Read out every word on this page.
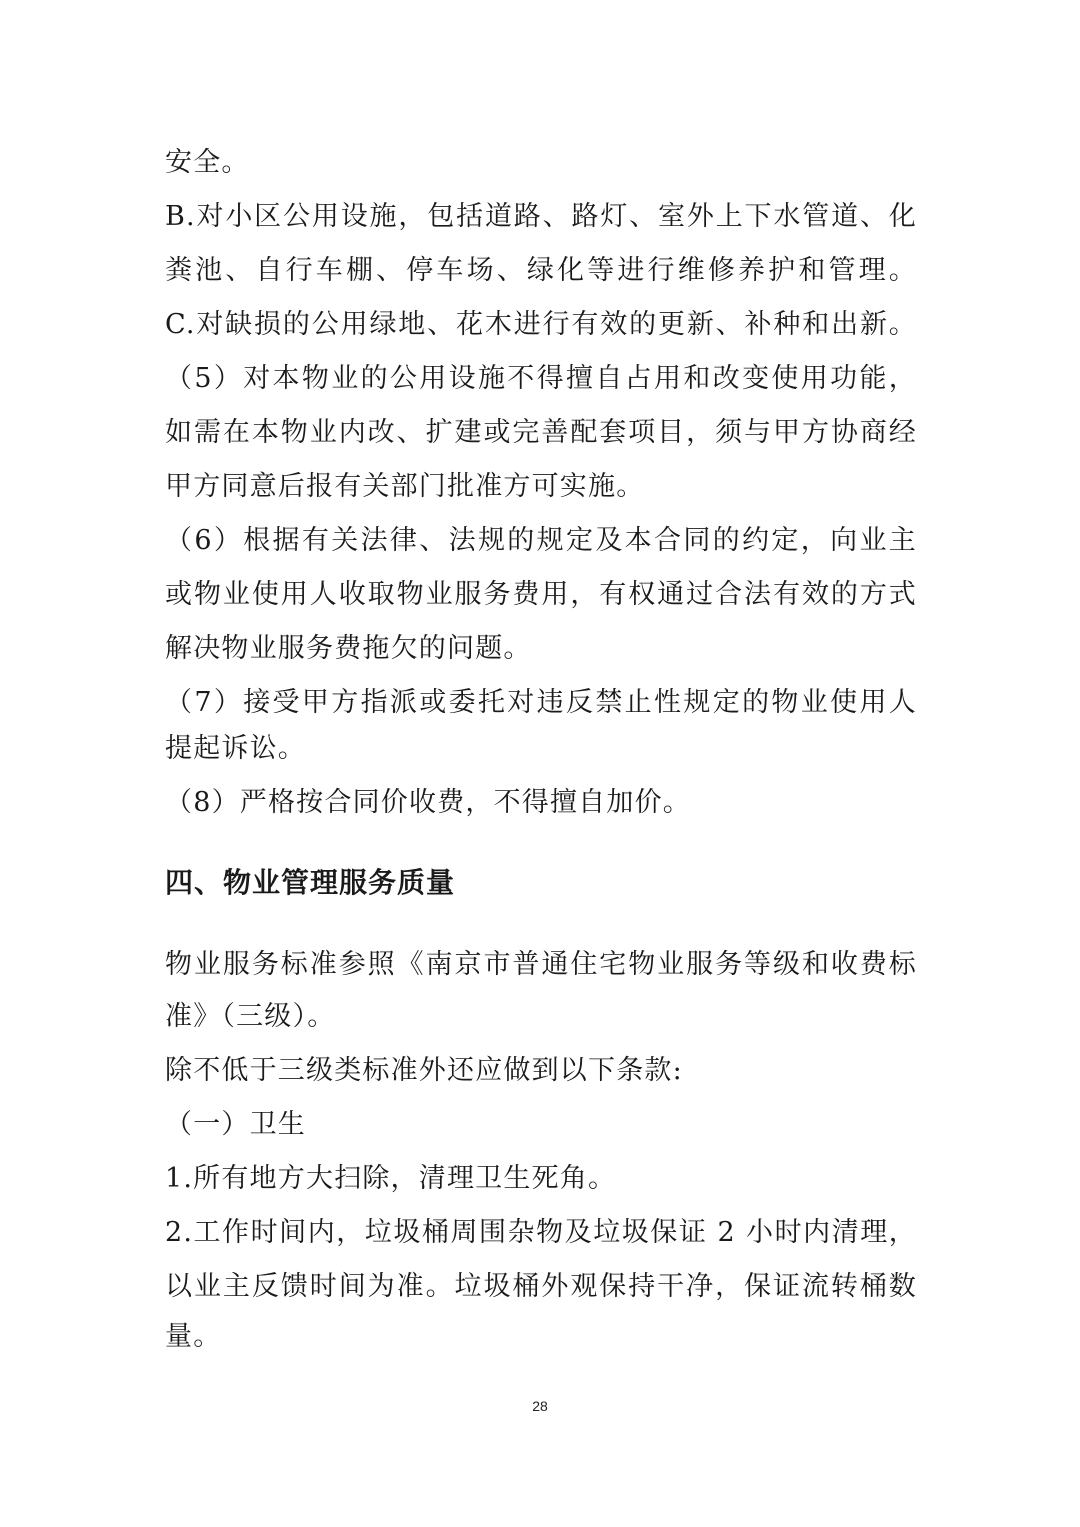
安全。
B.对小区公用设施，包括道路、路灯、室外上下水管道、化
粪池、自行车棚、停车场、绿化等进行维修养护和管理。
C.对缺损的公用绿地、花木进行有效的更新、补种和出新。
（5）对本物业的公用设施不得擅自占用和改变使用功能，
如需在本物业内改、扩建或完善配套项目，须与甲方协商经
甲方同意后报有关部门批准方可实施。
（6）根据有关法律、法规的规定及本合同的约定，向业主
或物业使用人收取物业服务费用，有权通过合法有效的方式
解决物业服务费拖欠的问题。
（7）接受甲方指派或委托对违反禁止性规定的物业使用人
提起诉讼。
（8）严格按合同价收费，不得擅自加价。
四、物业管理服务质量
物业服务标准参照《南京市普通住宅物业服务等级和收费标
准》（三级）。
除不低于三级类标准外还应做到以下条款:
（一）卫生
1.所有地方大扫除，清理卫生死角。
2.工作时间内，垃圾桶周围杂物及垃圾保证 2 小时内清理，
以业主反馈时间为准。垃圾桶外观保持干净，保证流转桶数
量。
28
